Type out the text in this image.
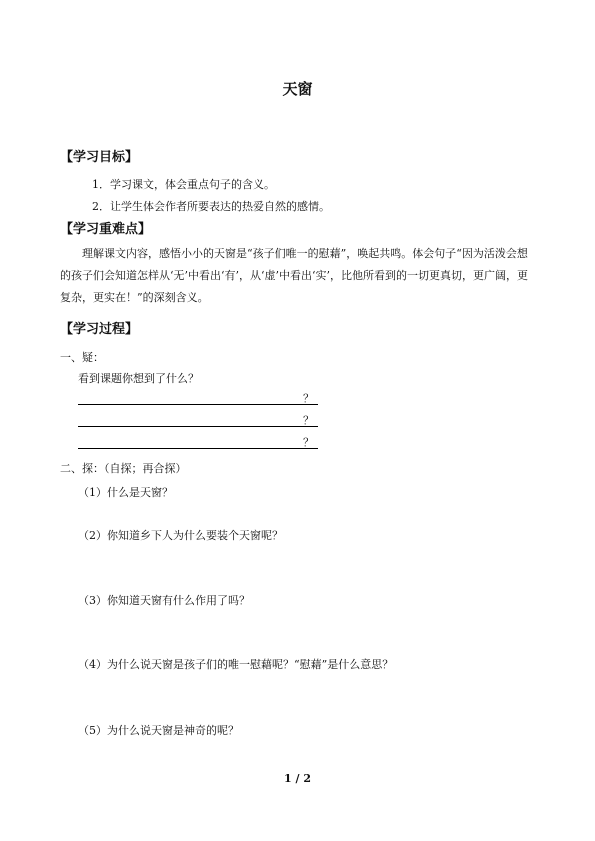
天窗
【学习目标】
1．学习课文，体会重点句子的含义。
2．让学生体会作者所要表达的热爱自然的感情。
【学习重难点】
理解课文内容，感悟小小的天窗是“孩子们唯一的慰藉”，唤起共鸣。体会句子“因为活泼会想的孩子们会知道怎样从‘无’中看出‘有’，从‘虚’中看出‘实’，比他所看到的一切更真切，更广阔，更复杂，更实在！”的深刻含义。
【学习过程】
一、疑：
看到课题你想到了什么？
？
？
？
二、探：（自探；再合探）
（1）什么是天窗？
（2）你知道乡下人为什么要装个天窗呢？
（3）你知道天窗有什么作用了吗？
（4）为什么说天窗是孩子们的唯一慰藉呢？“慰藉”是什么意思？
（5）为什么说天窗是神奇的呢？
1 / 2
